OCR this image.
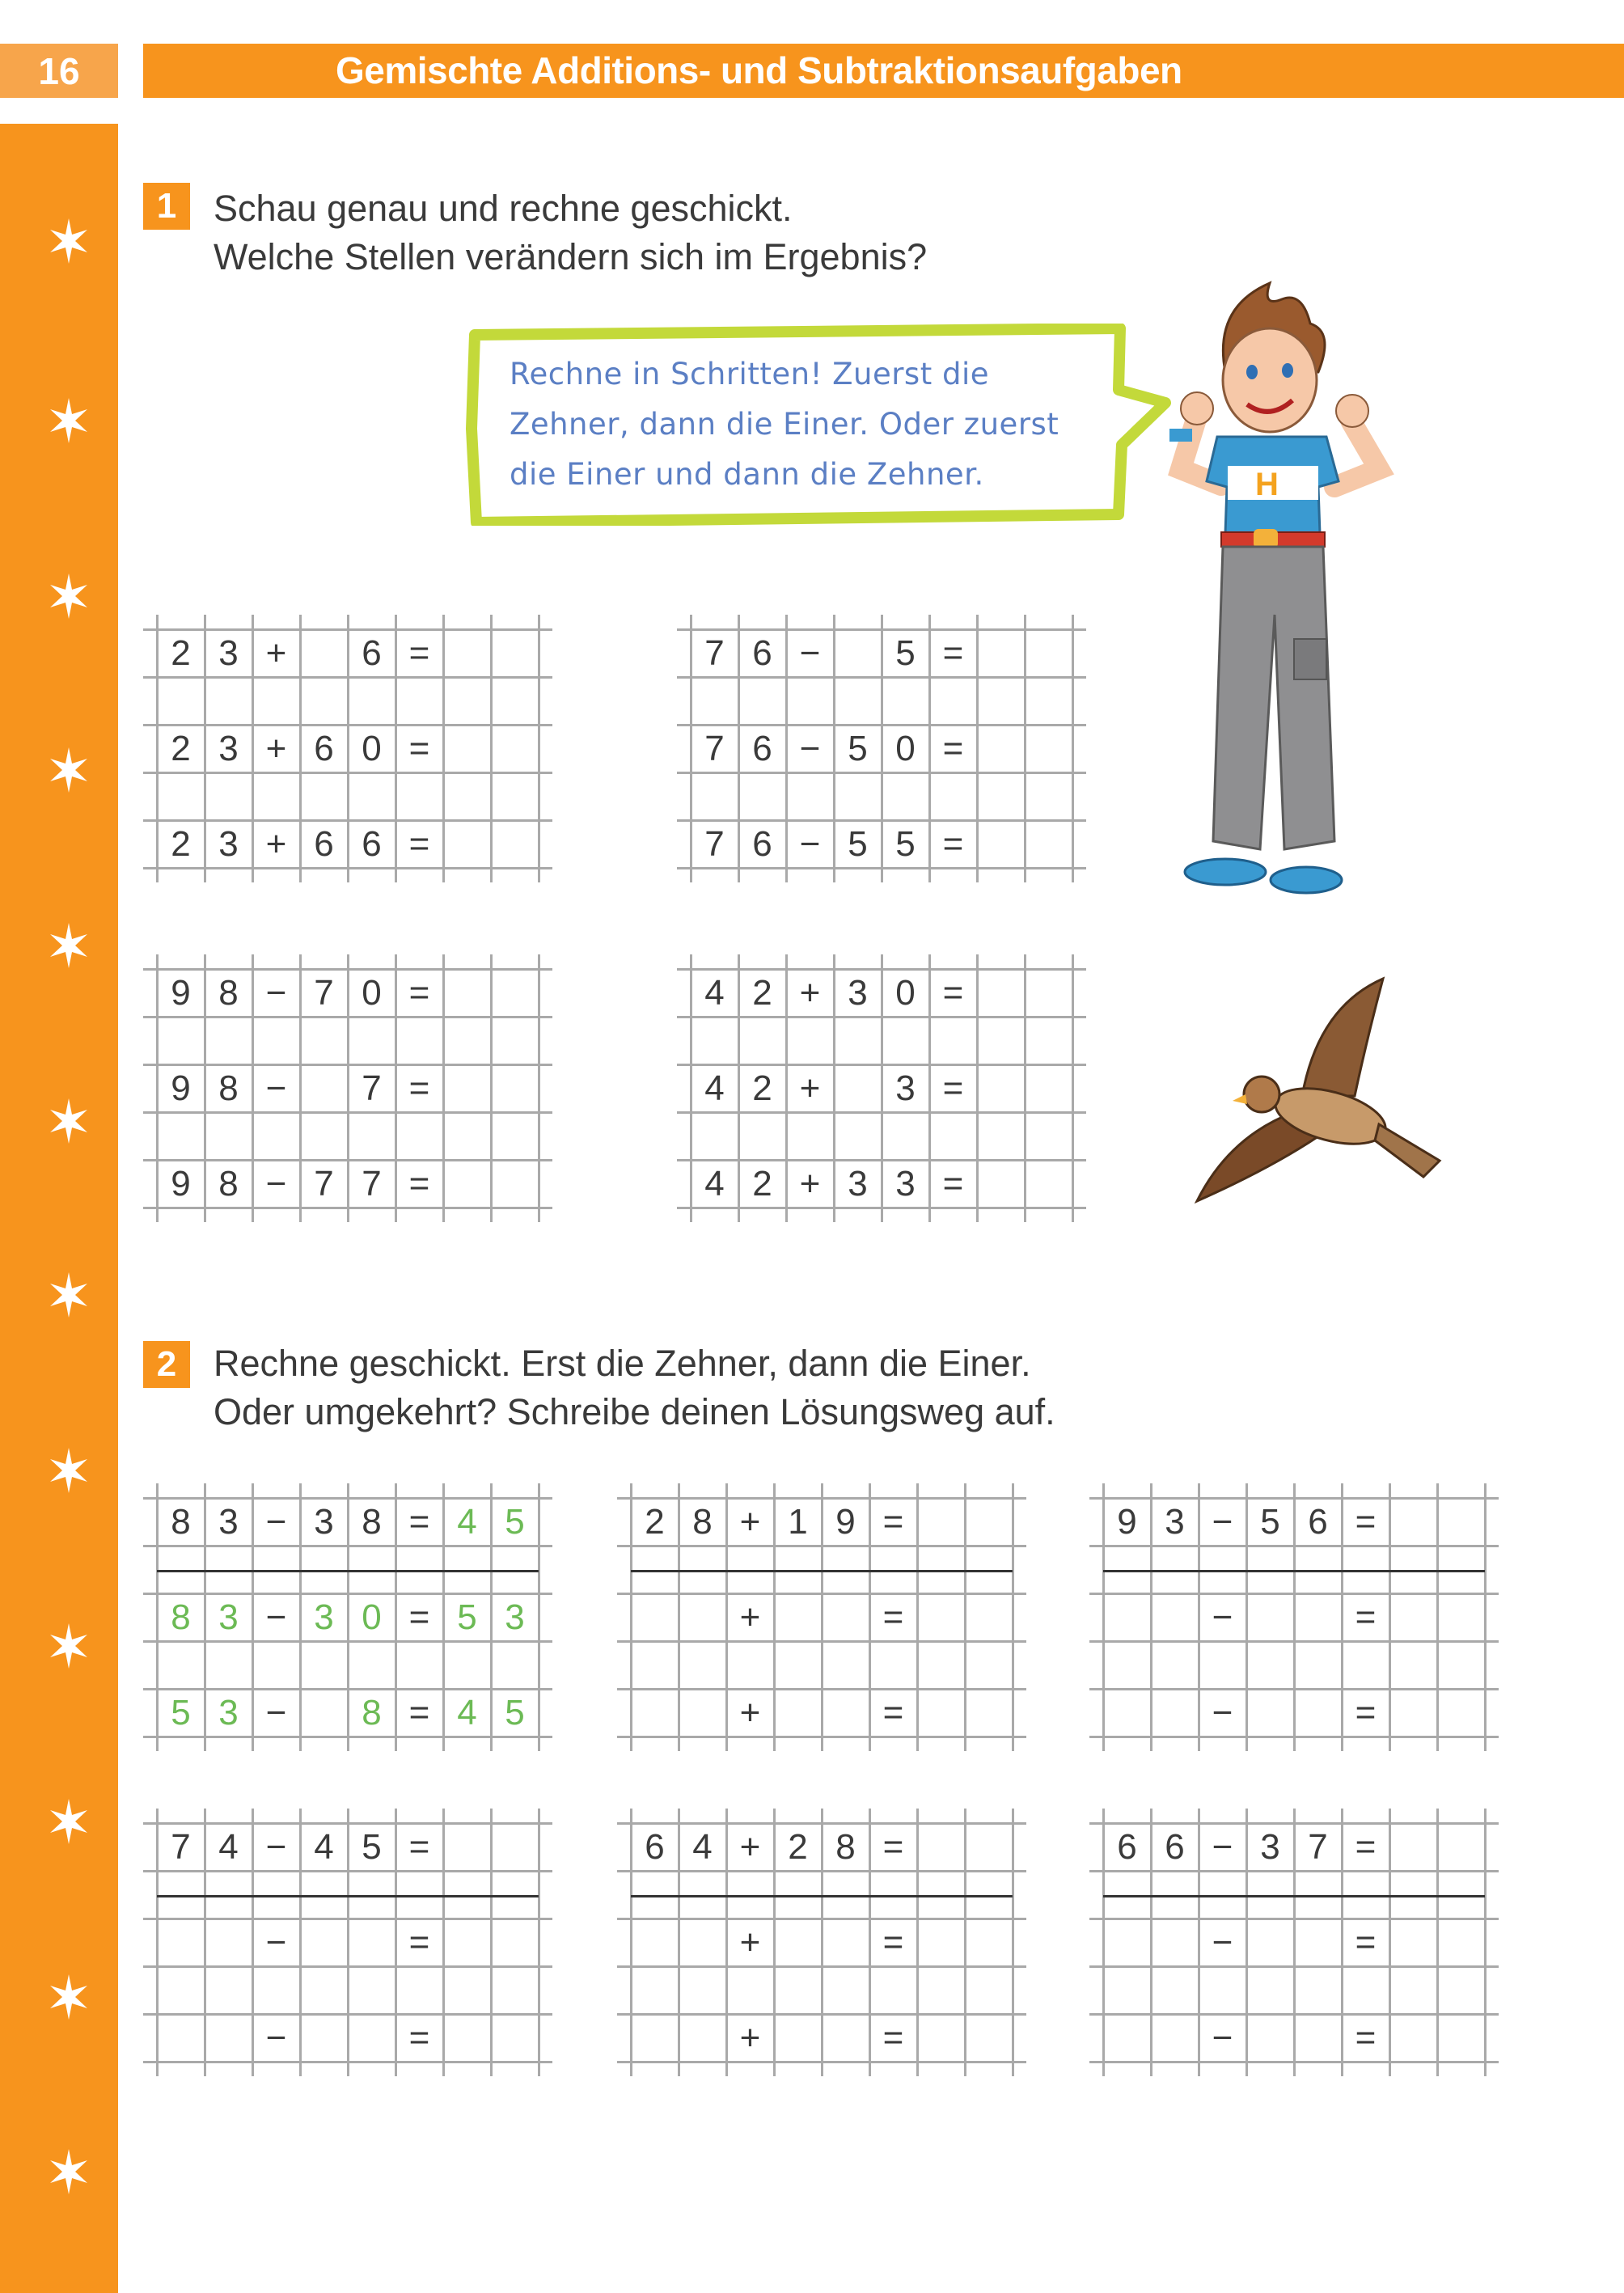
16	Gemischte Additions- und Subtraktionsaufgaben
1	Schau genau und rechne geschickt.
Welche Stellen verändern sich im Ergebnis?
Rechne in Schritten! Zuerst die
Zehner, dann die Einer. Oder zuerst
die Einer und dann die Zehner.	H
2	Rechne geschickt. Erst die Zehner, dann die Einer.
Oder umgekehrt? Schreibe deinen Lösungsweg auf.
2 3 +	6 =
2 3 + 6 0 =
2 3 + 6 6 =
7 6 −	5 =
7 6 − 5 0 =
7 6 − 5 5 =
9 8 − 7 0 =
9 8 −	7 =
9 8 − 7 7 =
4 2 + 3 0 =
4 2 +	3 =
4 2 + 3 3 =
8 3 − 3 8 = 4 5
8 3 − 3 0 = 5 3
5 3 −	8 = 4 5
2 8 + 1 9 =
+	=
+	=
9 3 − 5 6 =
−	=
−	=
7 4 − 4 5 =
−	=
−	=
6 4 + 2 8 =
+	=
+	=
6 6 − 3 7 =
−	=
−	=
